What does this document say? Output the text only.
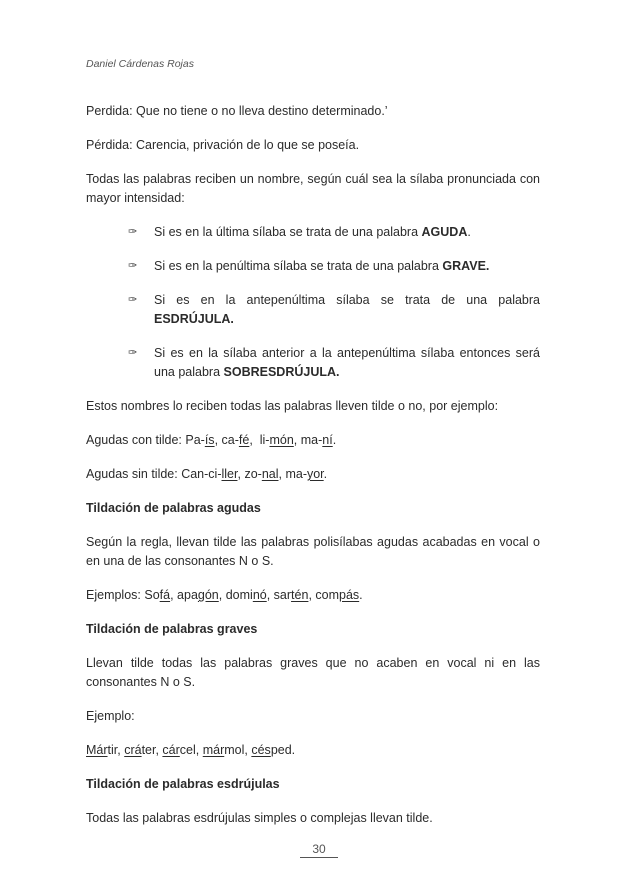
Daniel Cárdenas Rojas

Perdida: Que no tiene o no lleva destino determinado.’

Pérdida: Carencia, privación de lo que se poseía.

Todas las palabras reciben un nombre, según cuál sea la sílaba pronunciada con mayor intensidad:

✑ Si es en la última sílaba se trata de una palabra AGUDA.
✑ Si es en la penúltima sílaba se trata de una palabra GRAVE.
✑ Si es en la antepenúltima sílaba se trata de una palabra ESDRÚJULA.
✑ Si es en la sílaba anterior a la antepenúltima sílaba entonces será una palabra SOBRESDRÚJULA.

Estos nombres lo reciben todas las palabras lleven tilde o no, por ejemplo:

Agudas con tilde: Pa-ís, ca-fé,  li-món, ma-ní.

Agudas sin tilde: Can-ci-ller, zo-nal, ma-yor.

Tildación de palabras agudas

Según la regla, llevan tilde las palabras polisílabas agudas acabadas en vocal o en una de las consonantes N o S.

Ejemplos: Sofá, apagón, dominó, sartén, compás.

Tildación de palabras graves

Llevan tilde todas las palabras graves que no acaben en vocal ni en las consonantes N o S.

Ejemplo:

Mártir, cráter, cárcel, mármol, césped.

Tildación de palabras esdrújulas

Todas las palabras esdrújulas simples o complejas llevan tilde.

30
